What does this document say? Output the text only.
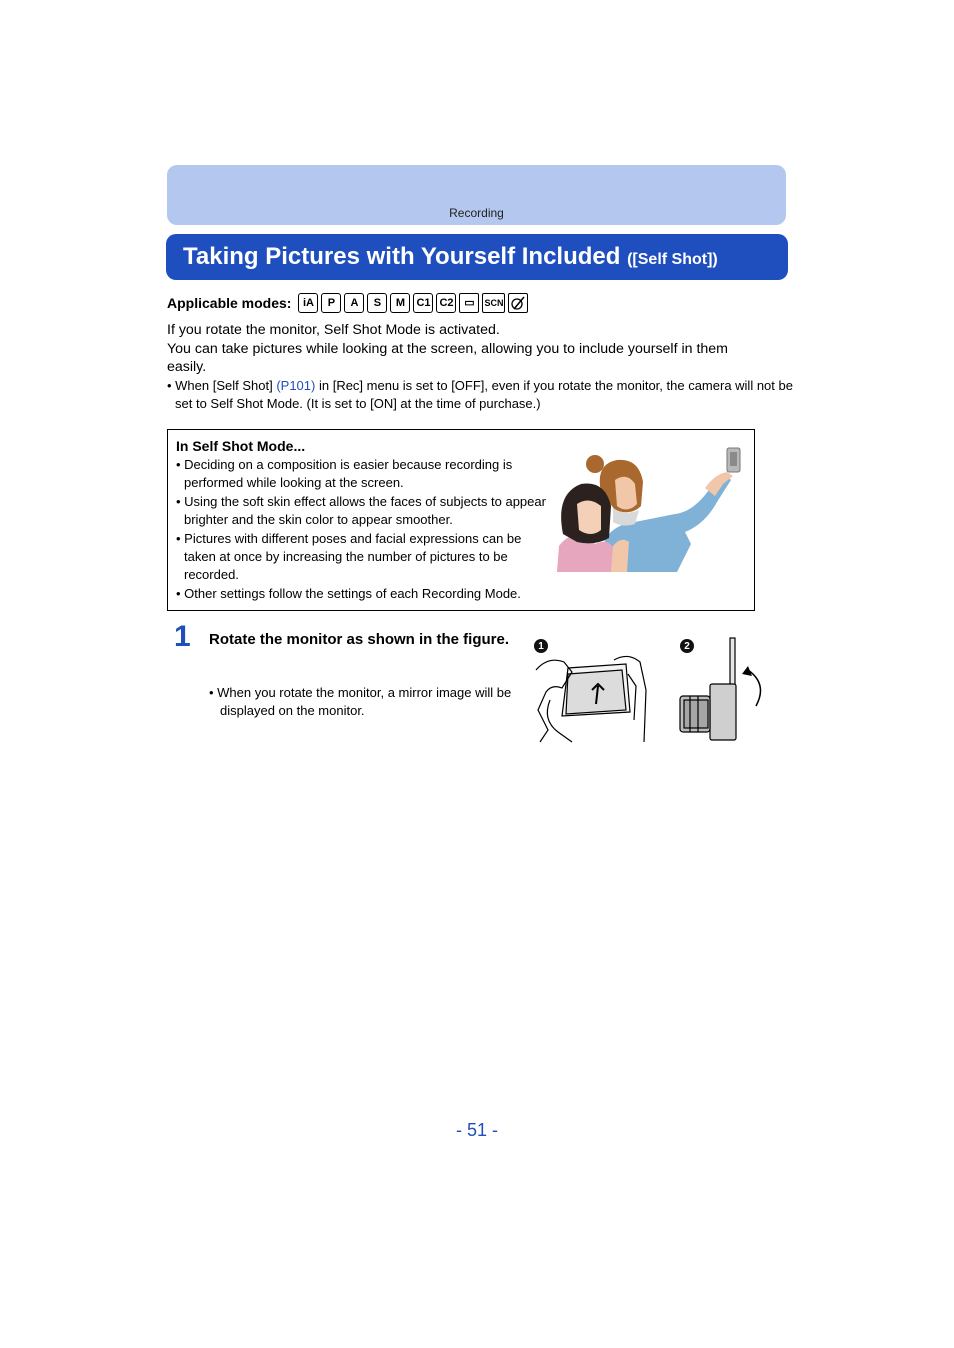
Recording
Taking Pictures with Yourself Included ([Self Shot])
Applicable modes:	iA	P	A	S	M	C1 C2 ▭	SCN

If you rotate the monitor, Self Shot Mode is activated.

You can take pictures while looking at the screen, allowing you to include yourself in them easily.

• When [Self Shot] (P101) in [Rec] menu is set to [OFF], even if you rotate the monitor, the camera will not be set to Self Shot Mode. (It is set to [ON] at the time of purchase.)
In Self Shot Mode...
• Deciding on a composition is easier because recording is performed while looking at the screen.
• Using the soft skin effect allows the faces of subjects to appear brighter and the skin color to appear smoother.
• Pictures with different poses and facial expressions can be taken at once by increasing the number of pictures to be recorded.
• Other settings follow the settings of each Recording Mode.
1 Rotate the monitor as shown in the figure.
• When you rotate the monitor, a mirror image will be displayed on the monitor.
1	2
- 51 -
